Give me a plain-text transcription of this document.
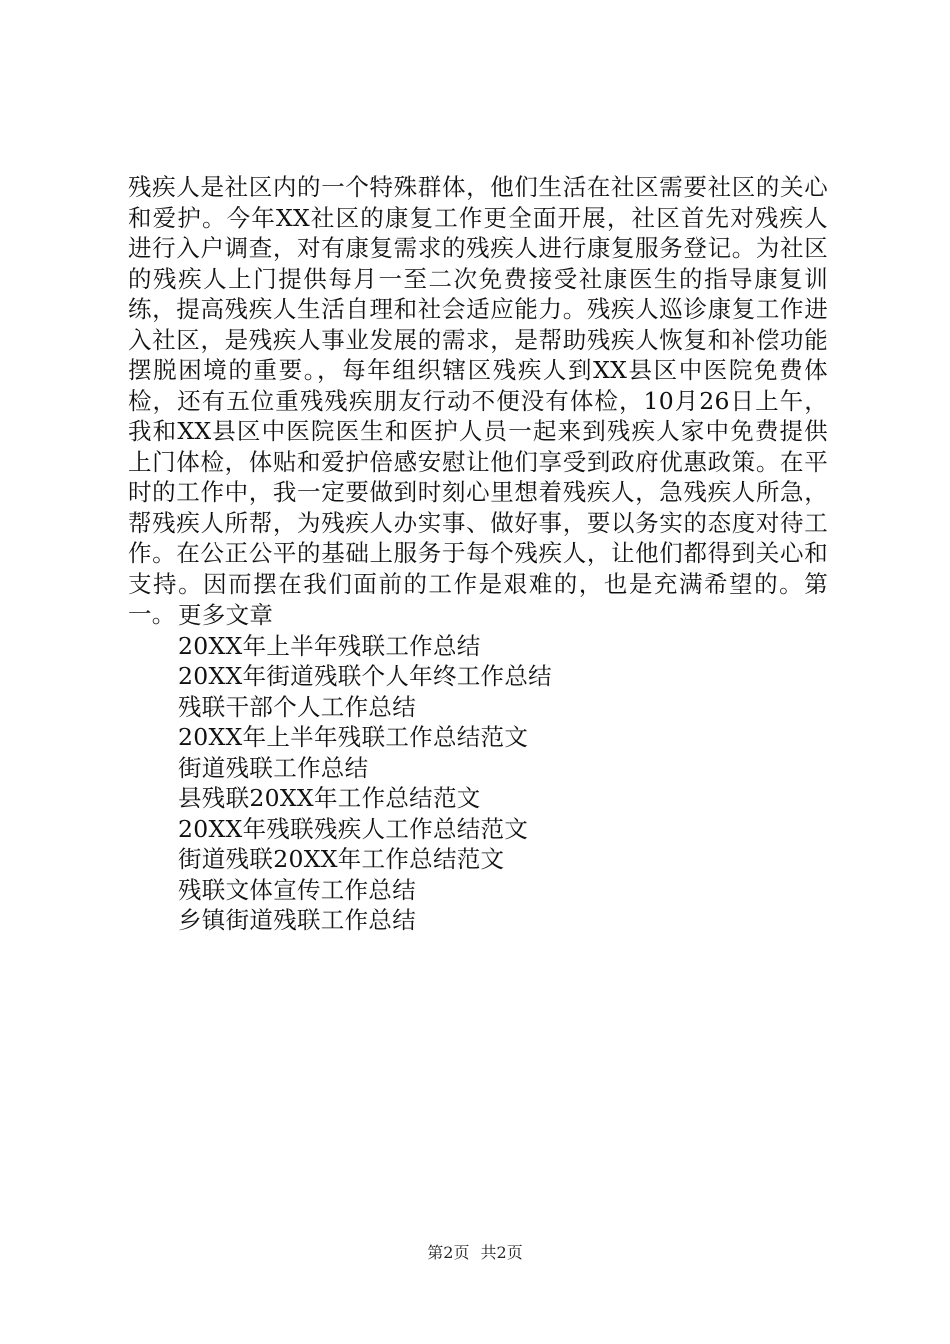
残疾人是社区内的一个特殊群体，他们生活在社区需要社区的关心和爱护。今年XX社区的康复工作更全面开展，社区首先对残疾人进行入户调查，对有康复需求的残疾人进行康复服务登记。为社区的残疾人上门提供每月一至二次免费接受社康医生的指导康复训练，提高残疾人生活自理和社会适应能力。残疾人巡诊康复工作进入社区，是残疾人事业发展的需求，是帮助残疾人恢复和补偿功能摆脱困境的重要。，每年组织辖区残疾人到XX县区中医院免费体检，还有五位重残残疾朋友行动不便没有体检，10月26日上午，我和XX县区中医院医生和医护人员一起来到残疾人家中免费提供上门体检，体贴和爱护倍感安慰让他们享受到政府优惠政策。在平时的工作中，我一定要做到时刻心里想着残疾人，急残疾人所急，帮残疾人所帮，为残疾人办实事、做好事，要以务实的态度对待工作。在公正公平的基础上服务于每个残疾人，让他们都得到关心和支持。因而摆在我们面前的工作是艰难的，也是充满希望的。第一。 更多文章
20XX年上半年残联工作总结
20XX年街道残联个人年终工作总结
残联干部个人工作总结
20XX年上半年残联工作总结范文
街道残联工作总结
县残联20XX年工作总结范文
20XX年残联残疾人工作总结范文
街道残联20XX年工作总结范文
残联文体宣传工作总结
乡镇街道残联工作总结
第2页 共2页
